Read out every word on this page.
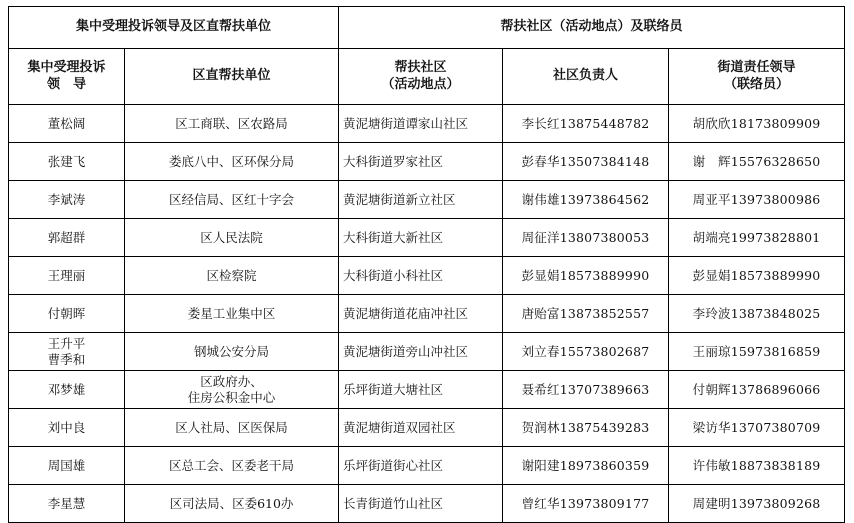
集中受理投诉领导及区直帮扶单位		帮扶社区（活动地点）及联络员		

集中受理投诉
领　导	区直帮扶单位	帮扶社区
（活动地点）	社区负责人	街道责任领导
（联络员）

董松阔	区工商联、区农路局	黄泥塘街道谭家山社区	李长红13875448782	胡欣欣18173809909

张建飞	娄底八中、区环保分局	大科街道罗家社区	彭春华13507384148	谢　辉15576328650

李斌涛	区经信局、区红十字会	黄泥塘街道新立社区	谢伟雄13973864562	周亚平13973800986

郭超群	区人民法院	大科街道大新社区	周征洋13807380053	胡端亮19973828801

王理丽	区检察院	大科街道小科社区	彭显娟18573889990	彭显娟18573889990

付朝晖	娄星工业集中区	黄泥塘街道花庙冲社区	唐贻富13873852557	李玲波13873848025

王升平
曹季和	钢城公安分局	黄泥塘街道旁山冲社区	刘立春15573802687	王丽琼15973816859

邓梦雄	区政府办、
住房公积金中心	乐坪街道大塘社区	聂希红13707389663	付朝辉13786896066

刘中良	区人社局、区医保局	黄泥塘街道双园社区	贺润林13875439283	梁访华13707380709

周国雄	区总工会、区委老干局	乐坪街道街心社区	谢阳建18973860359	许伟敏18873838189

李星慧	区司法局、区委610办	长青街道竹山社区	曾红华13973809177	周建明13973809268
